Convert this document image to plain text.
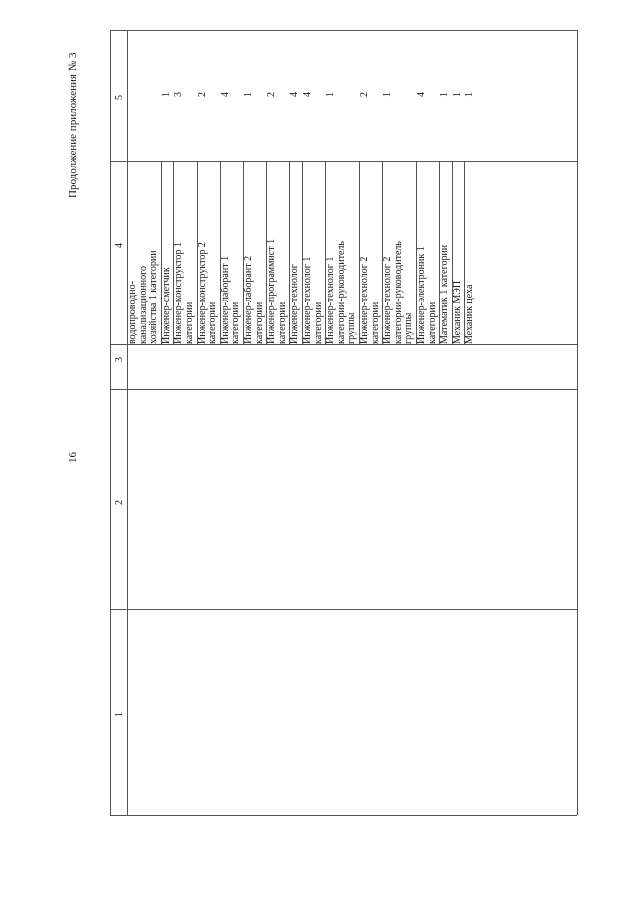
16
Продолжение приложения № 3	5
4
3
2
1
водопроводно- канализационного хозяйства 1 категории Инженер-сметчик
1
Инженер-конструктор 1 категории
3
Инженер-конструктор 2 категории
2
Инженер-лаборант 1 категории
4
Инженер-лаборант 2 категории
1
Инженер-программист 1 категории
2
Инженер-технолог
4
Инженер-технолог 1 категории
4
Инженер-технолог 1 категории-руководитель группы
1
Инженер-технолог 2 категории
2
Инженер-технолог 2 категории-руководитель группы
1
Инженер-электроник 1 категории
4
Математик 1 категории
1
Механик МЭП
1
Механик цеха
1
